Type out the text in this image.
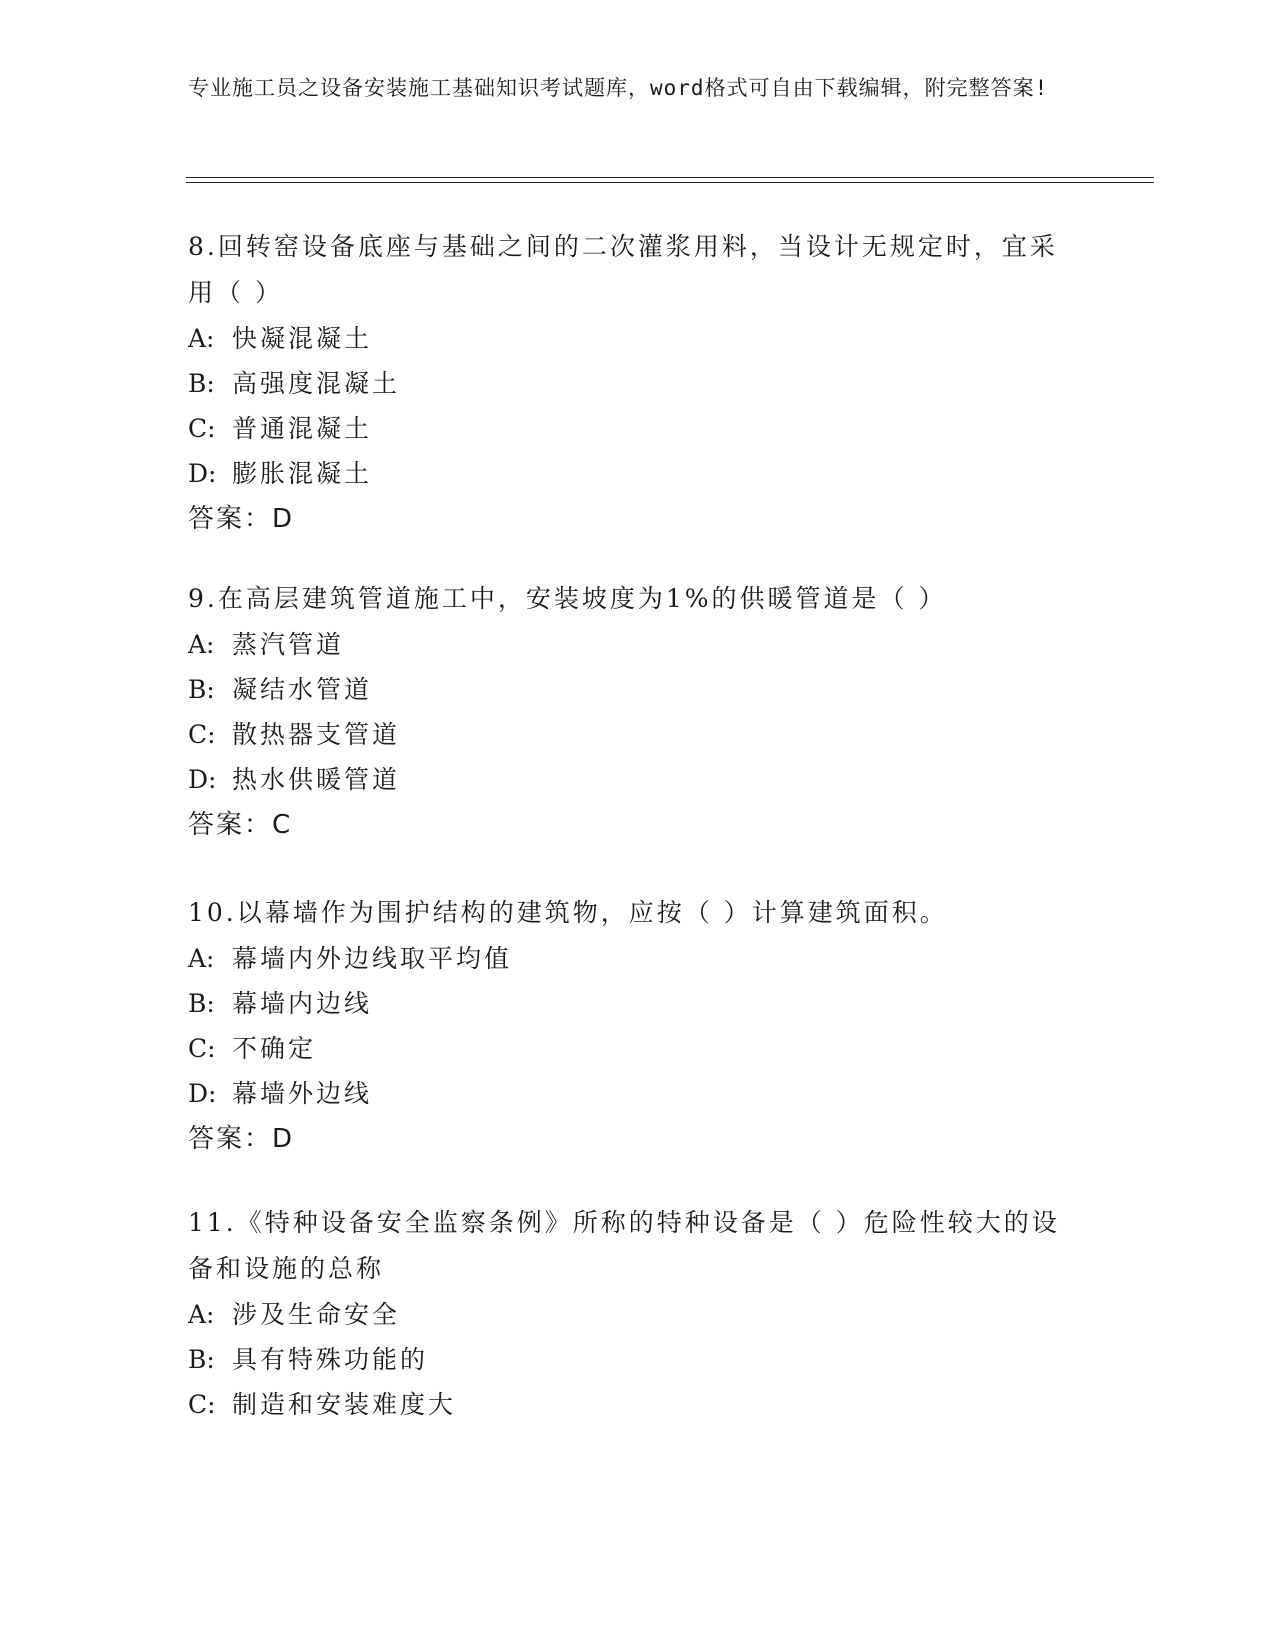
专业施工员之设备安装施工基础知识考试题库，word格式可自由下载编辑，附完整答案!

8.回转窑设备底座与基础之间的二次灌浆用料，当设计无规定时，宜采用（ ）

A: 快凝混凝土

B: 高强度混凝土

C: 普通混凝土

D: 膨胀混凝土

答案：D

9.在高层建筑管道施工中，安装坡度为1%的供暖管道是（ ）

A: 蒸汽管道

B: 凝结水管道

C: 散热器支管道

D: 热水供暖管道

答案：C

10.以幕墙作为围护结构的建筑物，应按（ ）计算建筑面积。

A: 幕墙内外边线取平均值

B: 幕墙内边线

C: 不确定

D: 幕墙外边线

答案：D

11.《特种设备安全监察条例》所称的特种设备是（ ）危险性较大的设备和设施的总称

A: 涉及生命安全

B: 具有特殊功能的

C: 制造和安装难度大
